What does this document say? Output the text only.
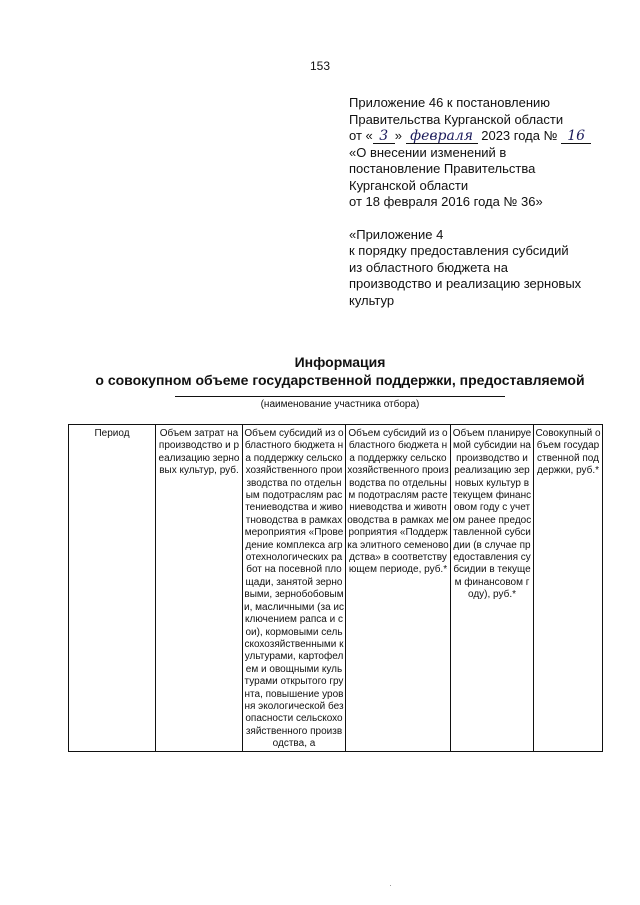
153
Приложение 46 к постановлению
Правительства Курганской области
от « 3 » февраля 2023 года № 16
«О внесении изменений в
постановление Правительства
Курганской области
от 18 февраля 2016 года № 36»
«Приложение 4
к порядку предоставления субсидий
из областного бюджета на
производство и реализацию зерновых
культур
Информация
о совокупном объеме государственной поддержки, предоставляемой
(наименование участника отбора)
Период	Объем затрат на производство и реализацию зерновых культур, руб.	Объем субсидий из областного бюджета на поддержку сельскохозяйственного производства по отдельным подотраслям растениеводства и животноводства в рамках мероприятия «Проведение комплекса агротехнологических работ на посевной площади, занятой зерновыми, зернобобовыми, масличными (за исключением рапса и сои), кормовыми сельскохозяйственными культурами, картофелем и овощными культурами открытого грунта, повышение уровня экологической безопасности сельскохозяйственного производства, а	Объем субсидий из областного бюджета на поддержку сельскохозяйственного производства по отдельным подотраслям растениеводства и животноводства в рамках мероприятия «Поддержка элитного семеноводства» в соответствующем периоде, руб.*	Объем планируемой субсидии на производство и реализацию зерновых культур в текущем финансовом году с учетом ранее предоставленной субсидии (в случае предоставления субсидии в текущем финансовом году), руб.*	Совокупный объем государственной поддержки, руб.*
